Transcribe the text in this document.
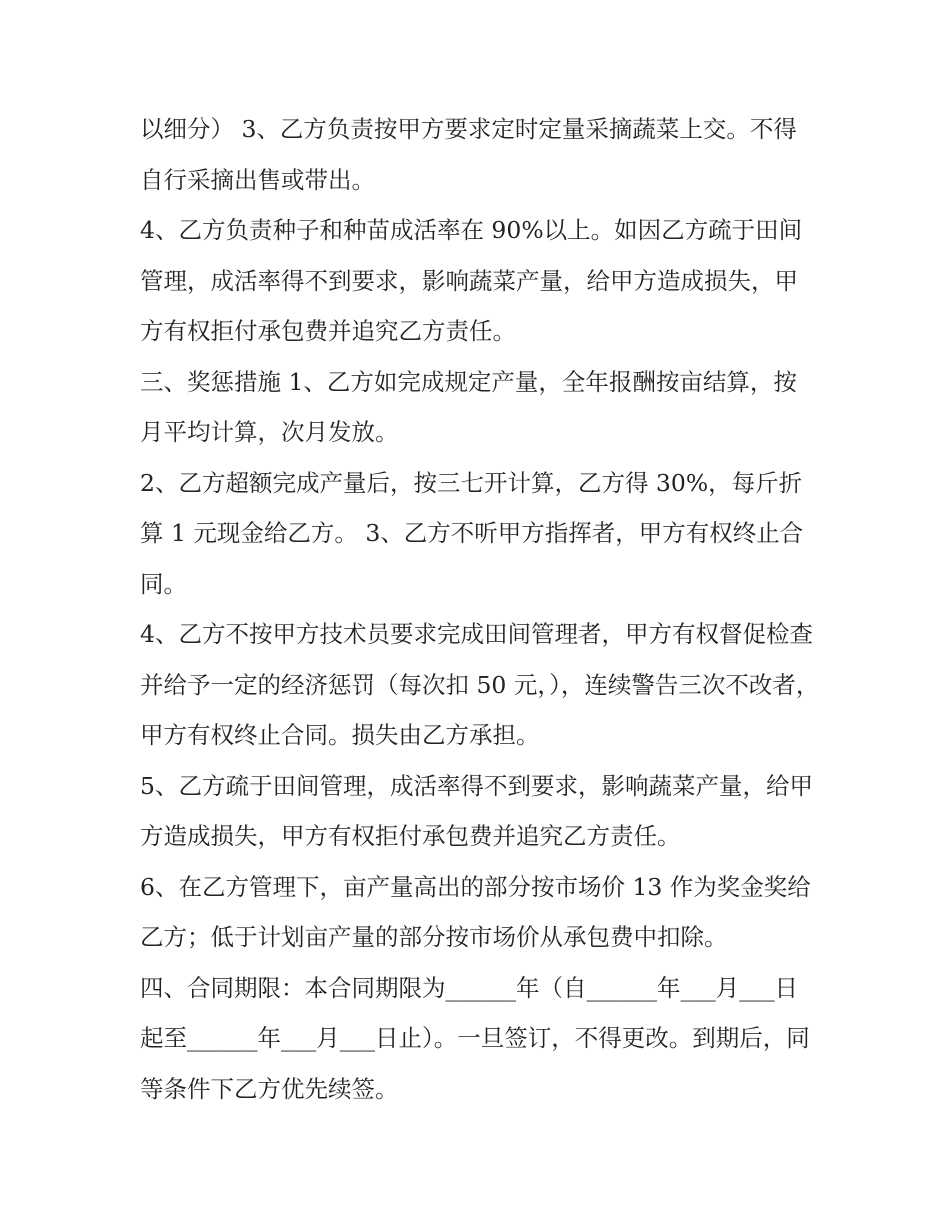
以细分） 3、乙方负责按甲方要求定时定量采摘蔬菜上交。不得自行采摘出售或带出。

4、乙方负责种子和种苗成活率在 90%以上。如因乙方疏于田间管理，成活率得不到要求，影响蔬菜产量，给甲方造成损失，甲方有权拒付承包费并追究乙方责任。

三、奖惩措施 1、乙方如完成规定产量，全年报酬按亩结算，按月平均计算，次月发放。

2、乙方超额完成产量后，按三七开计算，乙方得 30%，每斤折算 1 元现金给乙方。 3、乙方不听甲方指挥者，甲方有权终止合同。

4、乙方不按甲方技术员要求完成田间管理者，甲方有权督促检查并给予一定的经济惩罚（每次扣 50 元，），连续警告三次不改者，甲方有权终止合同。损失由乙方承担。

5、乙方疏于田间管理，成活率得不到要求，影响蔬菜产量，给甲方造成损失，甲方有权拒付承包费并追究乙方责任。

6、在乙方管理下，亩产量高出的部分按市场价 13 作为奖金奖给乙方；低于计划亩产量的部分按市场价从承包费中扣除。

四、合同期限：本合同期限为______年（自______年___月___日起至______年___月___日止）。一旦签订，不得更改。到期后，同等条件下乙方优先续签。
